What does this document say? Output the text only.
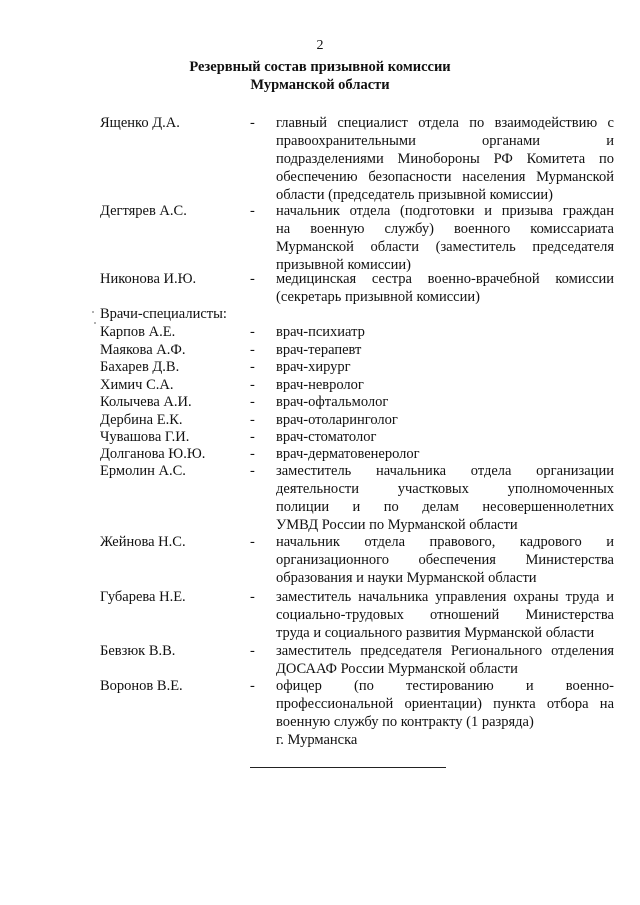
2
Резервный состав призывной комиссии
Мурманской области
Ященко Д.А.	- главный специалист отдела по взаимодействию с
правоохранительными органами и
подразделениями Минобороны РФ Комитета по
обеспечению безопасности населения Мурманской
области (председатель призывной комиссии)
Дегтярев А.С.	- начальник отдела (подготовки и призыва граждан
на военную службу) военного комиссариата
Мурманской области (заместитель председателя
призывной комиссии)
Никонова И.Ю.	- медицинская сестра военно-врачебной комиссии
(секретарь призывной комиссии)
Врачи-специалисты:
Карпов А.Е.	- врач-психиатр
Маякова А.Ф.	- врач-терапевт
Бахарев Д.В.	- врач-хирург
Химич С.А.	- врач-невролог
Колычева А.И.	- врач-офтальмолог
Дербина Е.К.	- врач-отоларинголог
Чувашова Г.И.	- врач-стоматолог
Долганова Ю.Ю.	- врач-дерматовенеролог
Ермолин А.С.	- заместитель начальника отдела организации
деятельности участковых уполномоченных
полиции и по делам несовершеннолетних
УМВД России по Мурманской области
Жейнова Н.С.	- начальник отдела правового, кадрового и
организационного обеспечения Министерства
образования и науки Мурманской области
Губарева Н.Е.	- заместитель начальника управления охраны труда и
социально-трудовых отношений Министерства
труда и социального развития Мурманской области
Бевзюк В.В.	- заместитель председателя Регионального отделения
ДОСААФ России Мурманской области
Воронов В.Е.	- офицер (по тестированию и военно-
профессиональной ориентации) пункта отбора на
военную службу по контракту (1 разряда)
г. Мурманска
